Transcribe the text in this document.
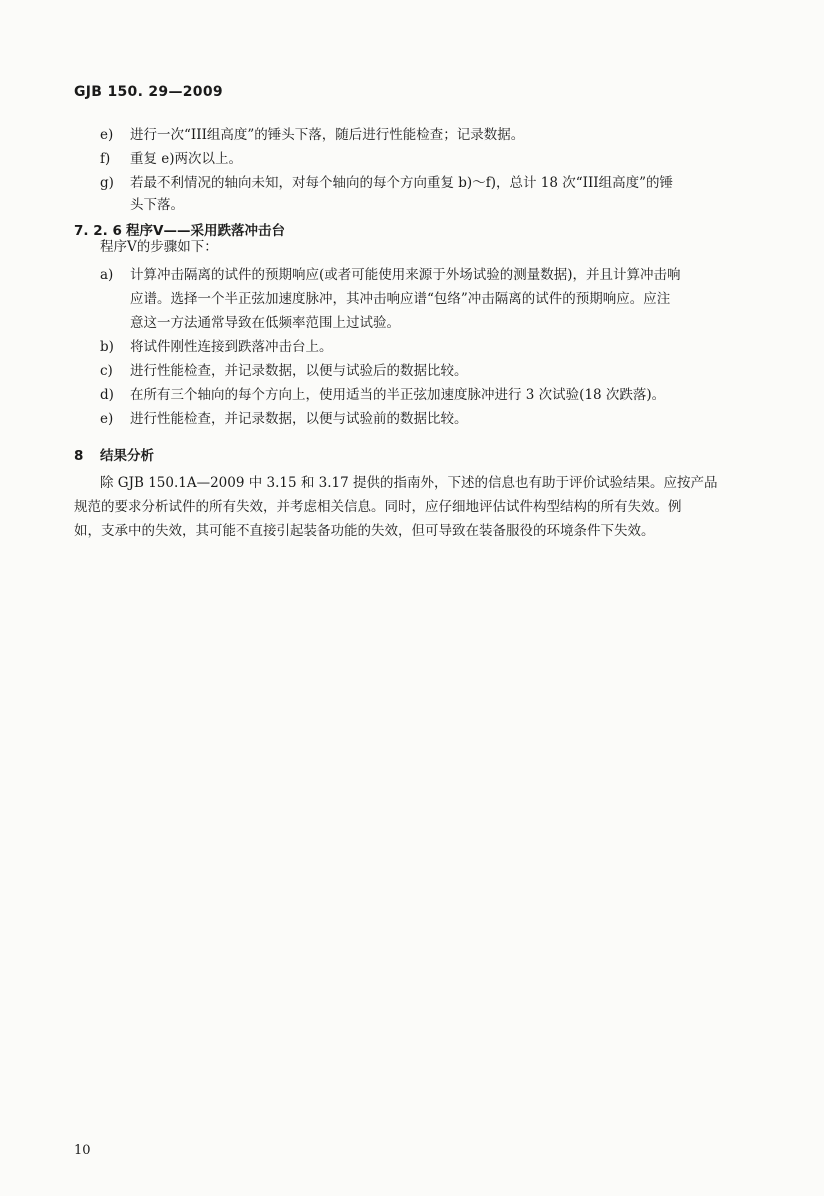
GJB 150. 29—2009
e)	进行一次“III组高度”的锤头下落，随后进行性能检查；记录数据。
f)	重复 e)两次以上。
g)	若最不利情况的轴向未知，对每个轴向的每个方向重复 b)～f)，总计 18 次“III组高度”的锤
头下落。
7. 2. 6 程序V——采用跌落冲击台
程序V的步骤如下：
a)	计算冲击隔离的试件的预期响应(或者可能使用来源于外场试验的测量数据)，并且计算冲击响
应谱。选择一个半正弦加速度脉冲，其冲击响应谱“包络”冲击隔离的试件的预期响应。应注
意这一方法通常导致在低频率范围上过试验。
b)	将试件刚性连接到跌落冲击台上。
c)	进行性能检查，并记录数据，以便与试验后的数据比较。
d)	在所有三个轴向的每个方向上，使用适当的半正弦加速度脉冲进行 3 次试验(18 次跌落)。
e)	进行性能检查，并记录数据，以便与试验前的数据比较。
8 结果分析
除 GJB 150.1A—2009 中 3.15 和 3.17 提供的指南外，下述的信息也有助于评价试验结果。应按产品
规范的要求分析试件的所有失效，并考虑相关信息。同时，应仔细地评估试件构型结构的所有失效。例
如，支承中的失效，其可能不直接引起装备功能的失效，但可导致在装备服役的环境条件下失效。
10
